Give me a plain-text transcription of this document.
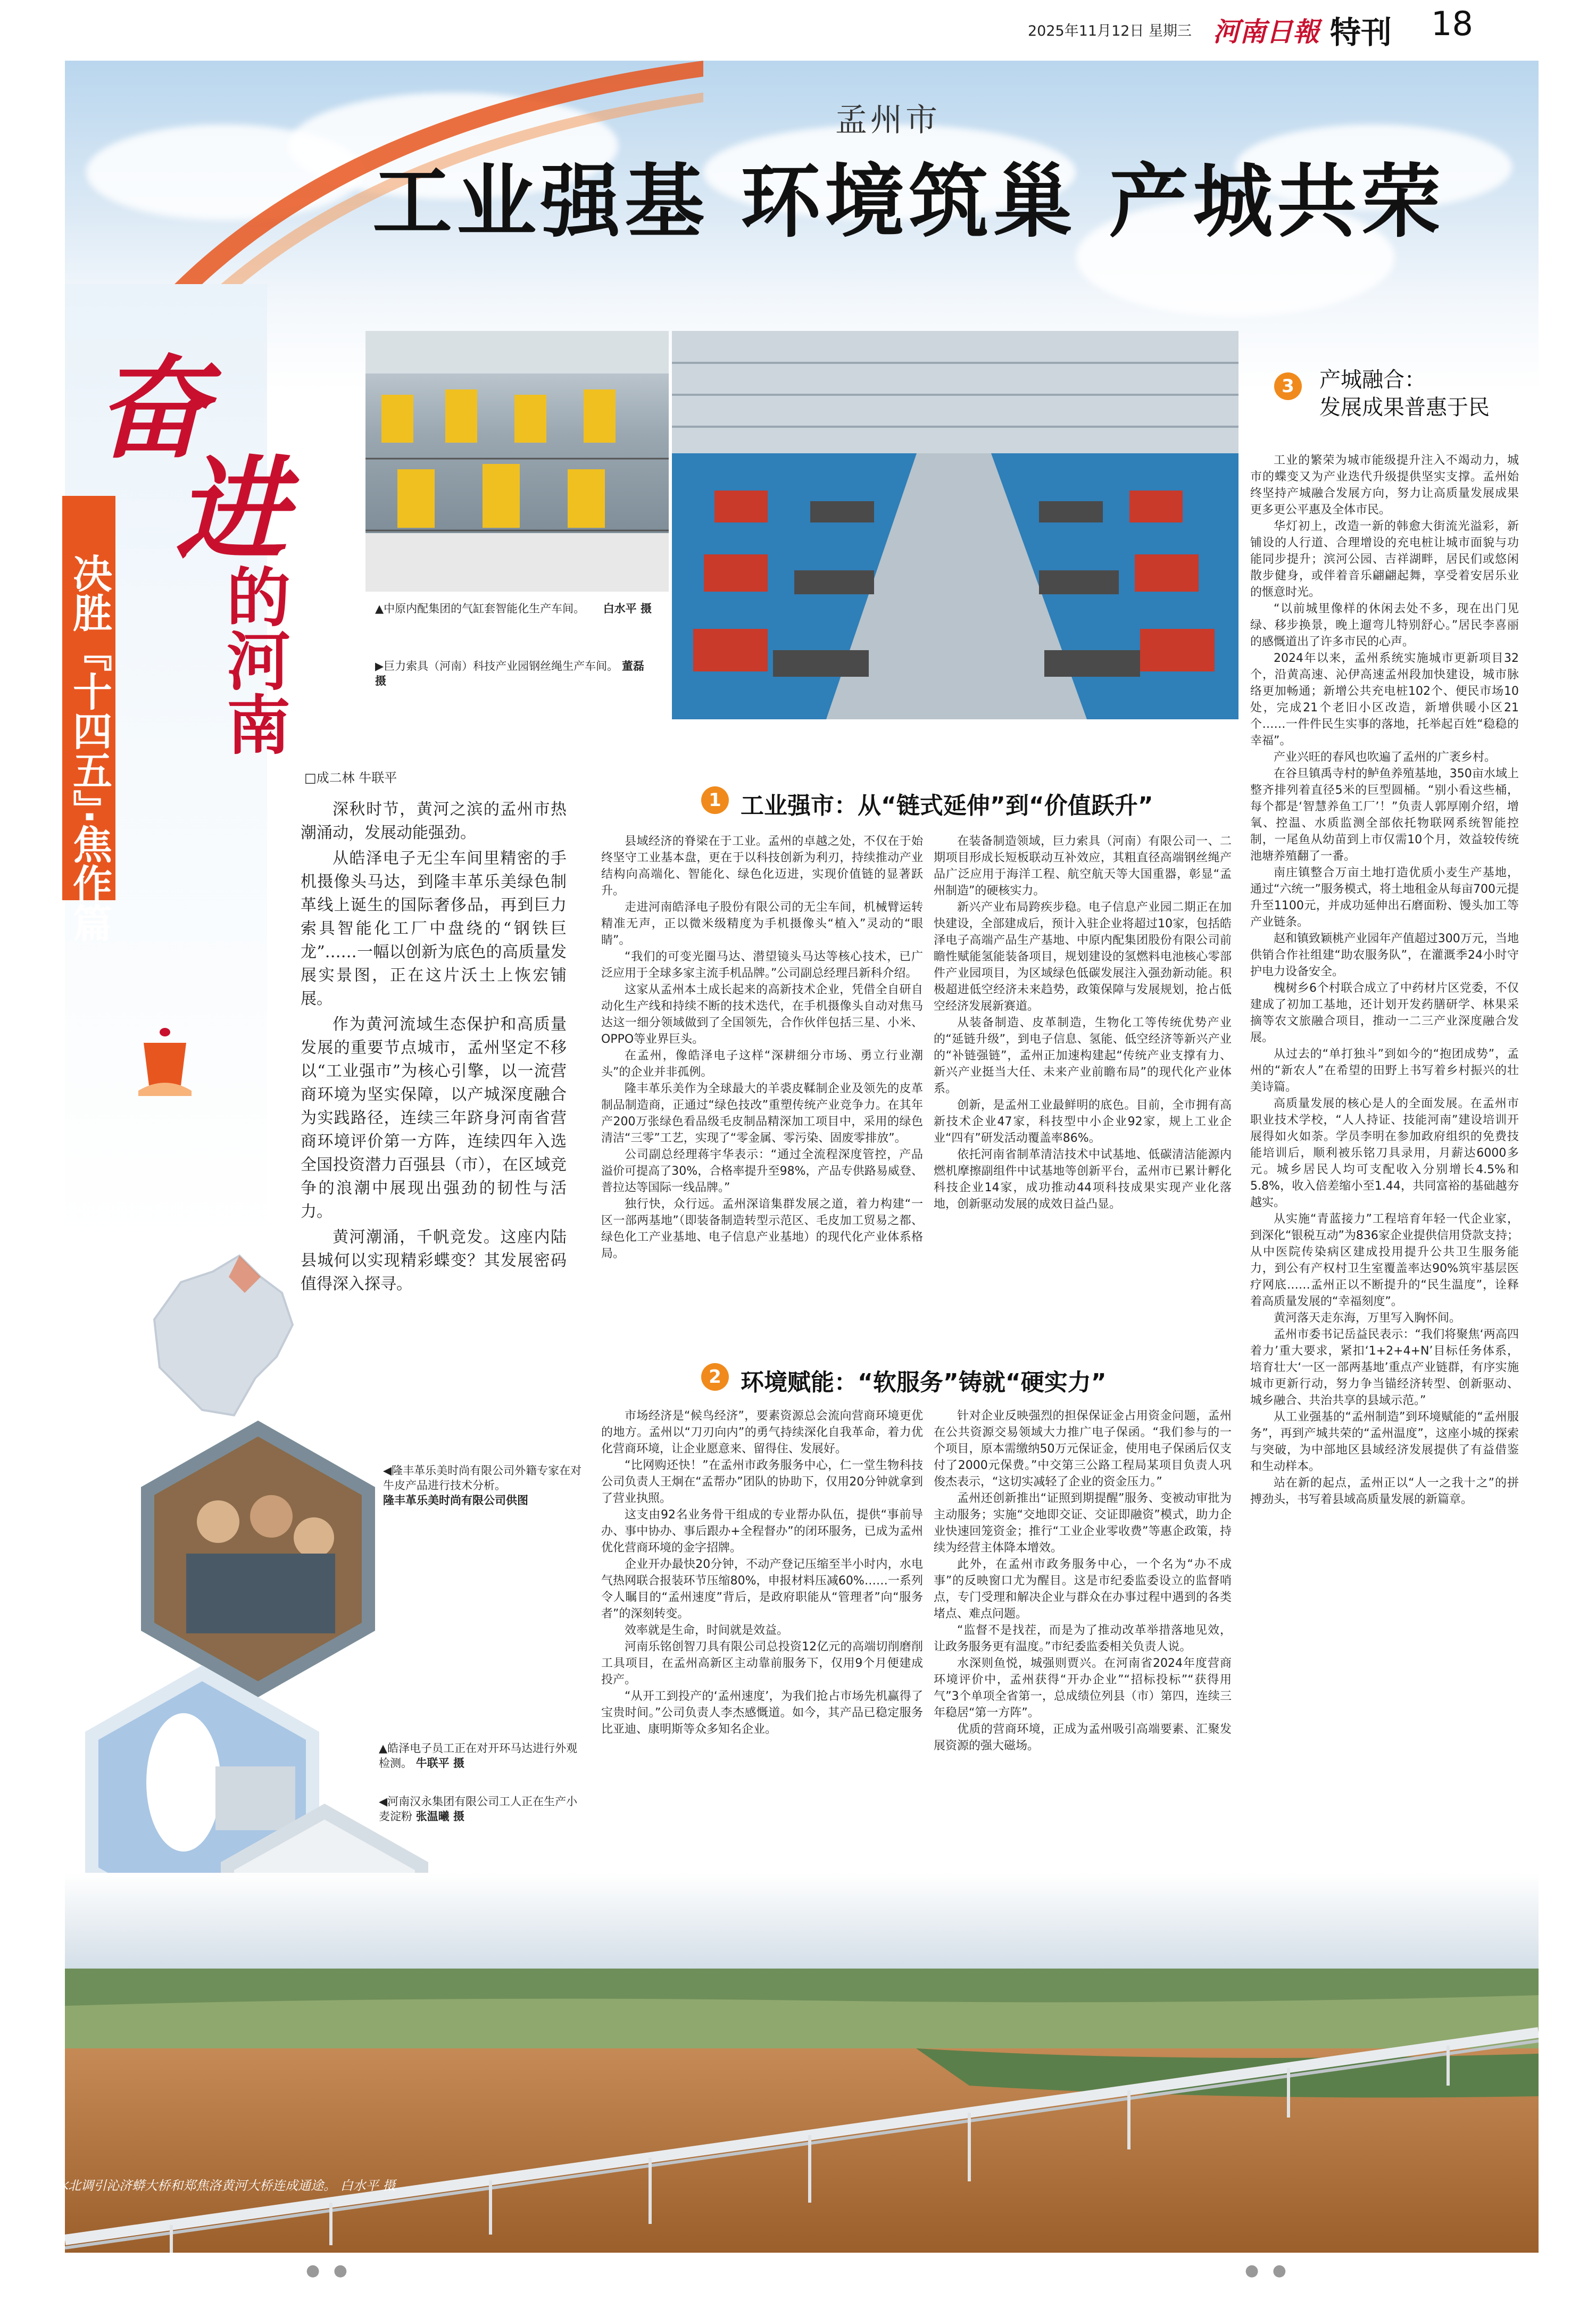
2025年11月12日 星期三 河南日報 特刊 18
奋
进
的河南
决胜『十四五』·焦作篇
孟州市
工业强基 环境筑巢 产城共荣
▲中原内配集团的气缸套智能化生产车间。 白水平 摄
▶巨力索具（河南）科技产业园钢丝绳生产车间。 董磊 摄
□成二林 牛联平

深秋时节，黄河之滨的孟州市热潮涌动，发展动能强劲。

从皓泽电子无尘车间里精密的手机摄像头马达，到隆丰革乐美绿色制革线上诞生的国际奢侈品，再到巨力索具智能化工厂中盘绕的“钢铁巨龙”……一幅以创新为底色的高质量发展实景图，正在这片沃土上恢宏铺展。

作为黄河流域生态保护和高质量发展的重要节点城市，孟州坚定不移以“工业强市”为核心引擎，以一流营商环境为坚实保障，以产城深度融合为实践路径，连续三年跻身河南省营商环境评价第一方阵，连续四年入选全国投资潜力百强县（市），在区域竞争的浪潮中展现出强劲的韧性与活力。

黄河潮涌，千帆竞发。这座内陆县城何以实现精彩蝶变？其发展密码值得深入探寻。

1 工业强市：从“链式延伸”到“价值跃升”

县域经济的脊梁在于工业。孟州的卓越之处，不仅在于始终坚守工业基本盘，更在于以科技创新为利刃，持续推动产业结构向高端化、智能化、绿色化迈进，实现价值链的显著跃升。

走进河南皓泽电子股份有限公司的无尘车间，机械臂运转精准无声，正以微米级精度为手机摄像头“植入”灵动的“眼睛”。

“我们的可变光圈马达、潜望镜头马达等核心技术，已广泛应用于全球多家主流手机品牌。”公司副总经理吕新科介绍。

这家从孟州本土成长起来的高新技术企业，凭借全自研自动化生产线和持续不断的技术迭代，在手机摄像头自动对焦马达这一细分领域做到了全国领先，合作伙伴包括三星、小米、OPPO等业界巨头。

在孟州，像皓泽电子这样“深耕细分市场、勇立行业潮头”的企业并非孤例。

隆丰革乐美作为全球最大的羊裘皮鞣制企业及领先的皮革制品制造商，正通过“绿色技改”重塑传统产业竞争力。在其年产200万张绿色看品级毛皮制品精深加工项目中，采用的绿色清洁“三零”工艺，实现了“零金属、零污染、固废零排放”。

公司副总经理蒋宇华表示：“通过全流程深度管控，产品溢价可提高了30%，合格率提升至98%，产品专供路易威登、普拉达等国际一线品牌。”

独行快，众行远。孟州深谙集群发展之道，着力构建“一区一部两基地”（即装备制造转型示范区、毛皮加工贸易之都、绿色化工产业基地、电子信息产业基地）的现代化产业体系格局。

在装备制造领域，巨力索具（河南）有限公司一、二期项目形成长短板联动互补效应，其粗直径高端钢丝绳产品广泛应用于海洋工程、航空航天等大国重器，彰显“孟州制造”的硬核实力。

新兴产业布局跨疾步稳。电子信息产业园二期正在加快建设，全部建成后，预计入驻企业将超过10家，包括皓泽电子高端产品生产基地、中原内配集团股份有限公司前瞻性赋能氢能装备项目，规划建设的氢燃料电池核心零部件产业园项目，为区域绿色低碳发展注入强劲新动能。积极超进低空经济未来趋势，政策保障与发展规划，抢占低空经济发展新赛道。

从装备制造、皮革制造，生物化工等传统优势产业的“延链升级”，到电子信息、氢能、低空经济等新兴产业的“补链强链”，孟州正加速构建起“传统产业支撑有力、新兴产业挺当大任、未来产业前瞻布局”的现代化产业体系。

创新，是孟州工业最鲜明的底色。目前，全市拥有高新技术企业47家，科技型中小企业92家，规上工业企业“四有”研发活动覆盖率86%。

依托河南省制革清洁技术中试基地、低碳清洁能源内燃机摩擦副组件中试基地等创新平台，孟州市已累计孵化科技企业14家，成功推动44项科技成果实现产业化落地，创新驱动发展的成效日益凸显。

2 环境赋能：“软服务”铸就“硬实力”

市场经济是“候鸟经济”，要素资源总会流向营商环境更优的地方。孟州以“刀刃向内”的勇气持续深化自我革命，着力优化营商环境，让企业愿意来、留得住、发展好。

“比网购还快！”在孟州市政务服务中心，仁一堂生物科技公司负责人王炯在“孟帮办”团队的协助下，仅用20分钟就拿到了营业执照。

这支由92名业务骨干组成的专业帮办队伍，提供“事前导办、事中协办、事后跟办+全程督办”的闭环服务，已成为孟州优化营商环境的金字招牌。

企业开办最快20分钟，不动产登记压缩至半小时内，水电气热网联合报装环节压缩80%，申报材料压减60%……一系列令人瞩目的“孟州速度”背后，是政府职能从“管理者”向“服务者”的深刻转变。

效率就是生命，时间就是效益。

河南乐铭创智刀具有限公司总投资12亿元的高端切削磨削工具项目，在孟州高新区主动靠前服务下，仅用9个月便建成投产。

“从开工到投产的‘孟州速度’，为我们抢占市场先机赢得了宝贵时间。”公司负责人李杰感慨道。如今，其产品已稳定服务比亚迪、康明斯等众多知名企业。

针对企业反映强烈的担保保证金占用资金问题，孟州在公共资源交易领域大力推广电子保函。“我们参与的一个项目，原本需缴纳50万元保证金，使用电子保函后仅支付了2000元保费。”中交第三公路工程局某项目负责人巩俊杰表示，“这切实减轻了企业的资金压力。”

孟州还创新推出“证照到期提醒”服务、变被动审批为主动服务；实施“交地即交证、交证即融资”模式，助力企业快速回笼资金；推行“工业企业零收费”等惠企政策，持续为经营主体降本增效。

此外，在孟州市政务服务中心，一个名为“办不成事”的反映窗口尤为醒目。这是市纪委监委设立的监督哨点，专门受理和解决企业与群众在办事过程中遇到的各类堵点、难点问题。

“监督不是找茬，而是为了推动改革举措落地见效，让政务服务更有温度。”市纪委监委相关负责人说。

水深则鱼悦，城强则贾兴。在河南省2024年度营商环境评价中，孟州获得“开办企业”“招标投标”“获得用气”3个单项全省第一，总成绩位列县（市）第四，连续三年稳居“第一方阵”。

优质的营商环境，正成为孟州吸引高端要素、汇聚发展资源的强大磁场。

3	产城融合：
发展成果普惠于民

工业的繁荣为城市能级提升注入不竭动力，城市的蝶变又为产业迭代升级提供坚实支撑。孟州始终坚持产城融合发展方向，努力让高质量发展成果更多更公平惠及全体市民。

华灯初上，改造一新的韩愈大街流光溢彩，新铺设的人行道、合理增设的充电桩让城市面貌与功能同步提升；滨河公园、吉祥湖畔，居民们或悠闲散步健身，或伴着音乐翩翩起舞，享受着安居乐业的惬意时光。

“以前城里像样的休闲去处不多，现在出门见绿、移步换景，晚上遛弯儿特别舒心。”居民李喜丽的感慨道出了许多市民的心声。

2024年以来，孟州系统实施城市更新项目32个，沿黄高速、沁伊高速孟州段加快建设，城市脉络更加畅通；新增公共充电桩102个、便民市场10处，完成21个老旧小区改造，新增供暖小区21个……一件件民生实事的落地，托举起百姓“稳稳的幸福”。

产业兴旺的春风也吹遍了孟州的广袤乡村。

在谷旦镇禹寺村的鲈鱼养殖基地，350亩水域上整齐排列着直径5米的巨型圆桶。“别小看这些桶，每个都是‘智慧养鱼工厂’！”负责人郭厚刚介绍，增氧、控温、水质监测全部依托物联网系统智能控制，一尾鱼从幼苗到上市仅需10个月，效益较传统池塘养殖翻了一番。

南庄镇整合万亩土地打造优质小麦生产基地，通过“六统一”服务模式，将土地租金从每亩700元提升至1100元，并成功延伸出石磨面粉、馒头加工等产业链条。

赵和镇致颖桃产业园年产值超过300万元，当地供销合作社组建“助农服务队”，在灌溉季24小时守护电力设备安全。

槐树乡6个村联合成立了中药材片区党委，不仅建成了初加工基地，还计划开发药膳研学、林果采摘等农文旅融合项目，推动一二三产业深度融合发展。

从过去的“单打独斗”到如今的“抱团成势”，孟州的“新农人”在希望的田野上书写着乡村振兴的壮美诗篇。

高质量发展的核心是人的全面发展。在孟州市职业技术学校，“人人持证、技能河南”建设培训开展得如火如荼。学员李明在参加政府组织的免费技能培训后，顺利被乐铭刀具录用，月薪达6000多元。城乡居民人均可支配收入分别增长4.5%和5.8%，收入倍差缩小至1.44，共同富裕的基础越夯越实。

从实施“青蓝接力”工程培育年轻一代企业家，到深化“银税互动”为836家企业提供信用贷款支持；从中医院传染病区建成投用提升公共卫生服务能力，到公有产权村卫生室覆盖率达90%筑牢基层医疗网底……孟州正以不断提升的“民生温度”，诠释着高质量发展的“幸福刻度”。

黄河落天走东海，万里写入胸怀间。

孟州市委书记岳益民表示：“我们将聚焦‘两高四着力’重大要求，紧扣‘1+2+4+N’目标任务体系，培育壮大‘一区一部两基地’重点产业链群，有序实施城市更新行动，努力争当锚经济转型、创新驱动、城乡融合、共治共享的县域示范。”

从工业强基的“孟州制造”到环境赋能的“孟州服务”，再到产城共荣的“孟州温度”，这座小城的探索与突破，为中部地区县域经济发展提供了有益借鉴和生动样本。

站在新的起点，孟州正以“人一之我十之”的拼搏劲头，书写着县域高质量发展的新篇章。

◀隆丰革乐美时尚有限公司外籍专家在对牛皮产品进行技术分析。
隆丰革乐美时尚有限公司供图
▲皓泽电子员工正在对开环马达进行外观检测。 牛联平 摄
◀河南汉永集团有限公司工人正在生产小麦淀粉 张温曦 摄
南水北调引沁济蟒大桥和郑焦洛黄河大桥连成通途。 白水平 摄
● ●	● ●
